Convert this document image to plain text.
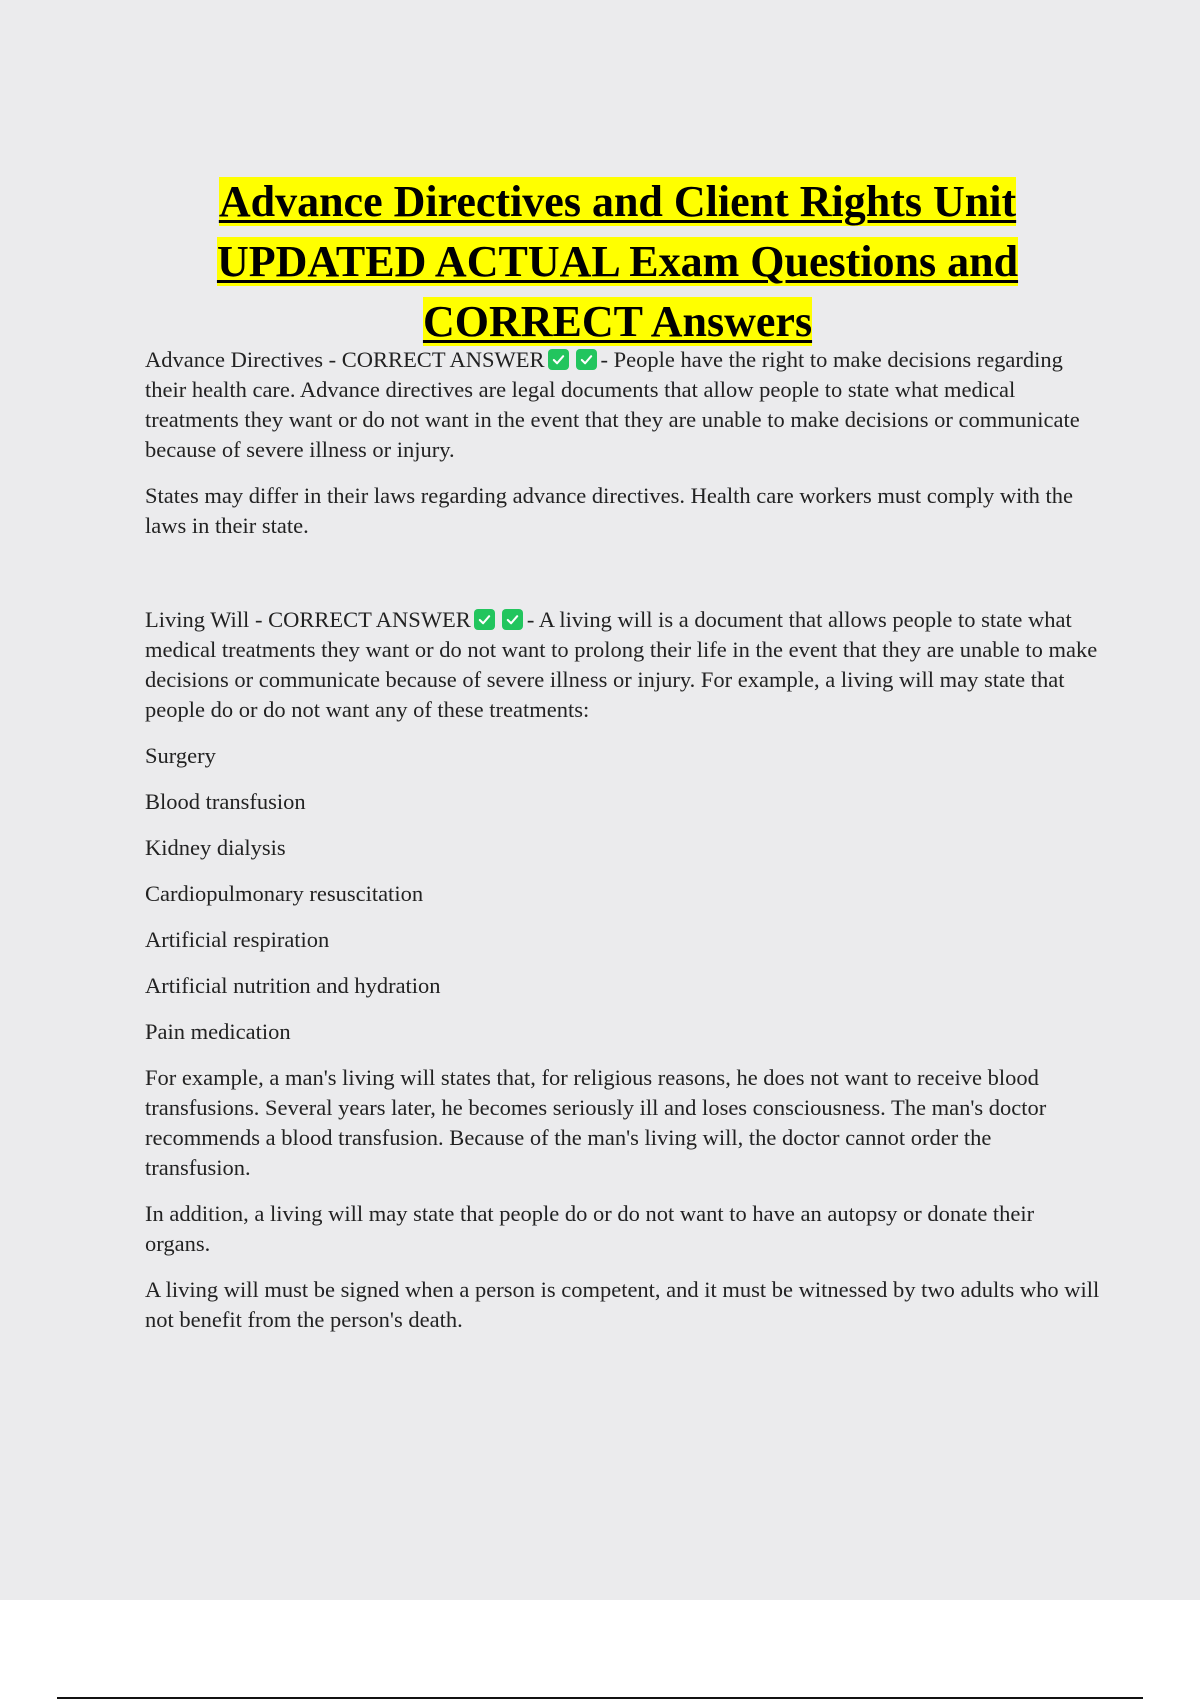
Advance Directives and Client Rights Unit UPDATED ACTUAL Exam Questions and CORRECT Answers

Advance Directives - CORRECT ANSWER - People have the right to make decisions regarding their health care. Advance directives are legal documents that allow people to state what medical treatments they want or do not want in the event that they are unable to make decisions or communicate because of severe illness or injury.

States may differ in their laws regarding advance directives. Health care workers must comply with the laws in their state.

Living Will - CORRECT ANSWER - A living will is a document that allows people to state what medical treatments they want or do not want to prolong their life in the event that they are unable to make decisions or communicate because of severe illness or injury. For example, a living will may state that people do or do not want any of these treatments:

Surgery

Blood transfusion

Kidney dialysis

Cardiopulmonary resuscitation

Artificial respiration

Artificial nutrition and hydration

Pain medication

For example, a man's living will states that, for religious reasons, he does not want to receive blood transfusions. Several years later, he becomes seriously ill and loses consciousness. The man's doctor recommends a blood transfusion. Because of the man's living will, the doctor cannot order the transfusion.

In addition, a living will may state that people do or do not want to have an autopsy or donate their organs.

A living will must be signed when a person is competent, and it must be witnessed by two adults who will not benefit from the person's death.
